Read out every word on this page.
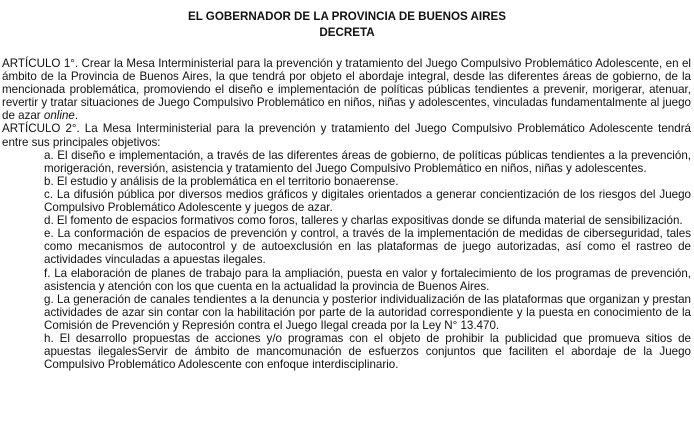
EL GOBERNADOR DE LA PROVINCIA DE BUENOS AIRES

DECRETA

ARTÍCULO 1°. Crear la Mesa Interministerial para la prevención y tratamiento del Juego Compulsivo Problemático Adolescente, en el ámbito de la Provincia de Buenos Aires, la que tendrá por objeto el abordaje integral, desde las diferentes áreas de gobierno, de la mencionada problemática, promoviendo el diseño e implementación de políticas públicas tendientes a prevenir, morigerar, atenuar, revertir y tratar situaciones de Juego Compulsivo Problemático en niños, niñas y adolescentes, vinculadas fundamentalmente al juego de azar online.

ARTÍCULO 2°. La Mesa Interministerial para la prevención y tratamiento del Juego Compulsivo Problemático Adolescente tendrá entre sus principales objetivos:

a. El diseño e implementación, a través de las diferentes áreas de gobierno, de políticas públicas tendientes a la prevención, morigeración, reversión, asistencia y tratamiento del Juego Compulsivo Problemático en niños, niñas y adolescentes.

b. El estudio y análisis de la problemática en el territorio bonaerense.

c. La difusión pública por diversos medios gráficos y digitales orientados a generar concientización de los riesgos del Juego Compulsivo Problemático Adolescente y juegos de azar.

d. El fomento de espacios formativos como foros, talleres y charlas expositivas donde se difunda material de sensibilización.

e. La conformación de espacios de prevención y control, a través de la implementación de medidas de ciberseguridad, tales como mecanismos de autocontrol y de autoexclusión en las plataformas de juego autorizadas, así como el rastreo de actividades vinculadas a apuestas ilegales.

f. La elaboración de planes de trabajo para la ampliación, puesta en valor y fortalecimiento de los programas de prevención, asistencia y atención con los que cuenta en la actualidad la provincia de Buenos Aires.

g. La generación de canales tendientes a la denuncia y posterior individualización de las plataformas que organizan y prestan actividades de azar sin contar con la habilitación por parte de la autoridad correspondiente y la puesta en conocimiento de la Comisión de Prevención y Represión contra el Juego Ilegal creada por la Ley N° 13.470.

h. El desarrollo propuestas de acciones y/o programas con el objeto de prohibir la publicidad que promueva sitios de apuestas ilegalesServir de ámbito de mancomunación de esfuerzos conjuntos que faciliten el abordaje de la Juego Compulsivo Problemático Adolescente con enfoque interdisciplinario.
